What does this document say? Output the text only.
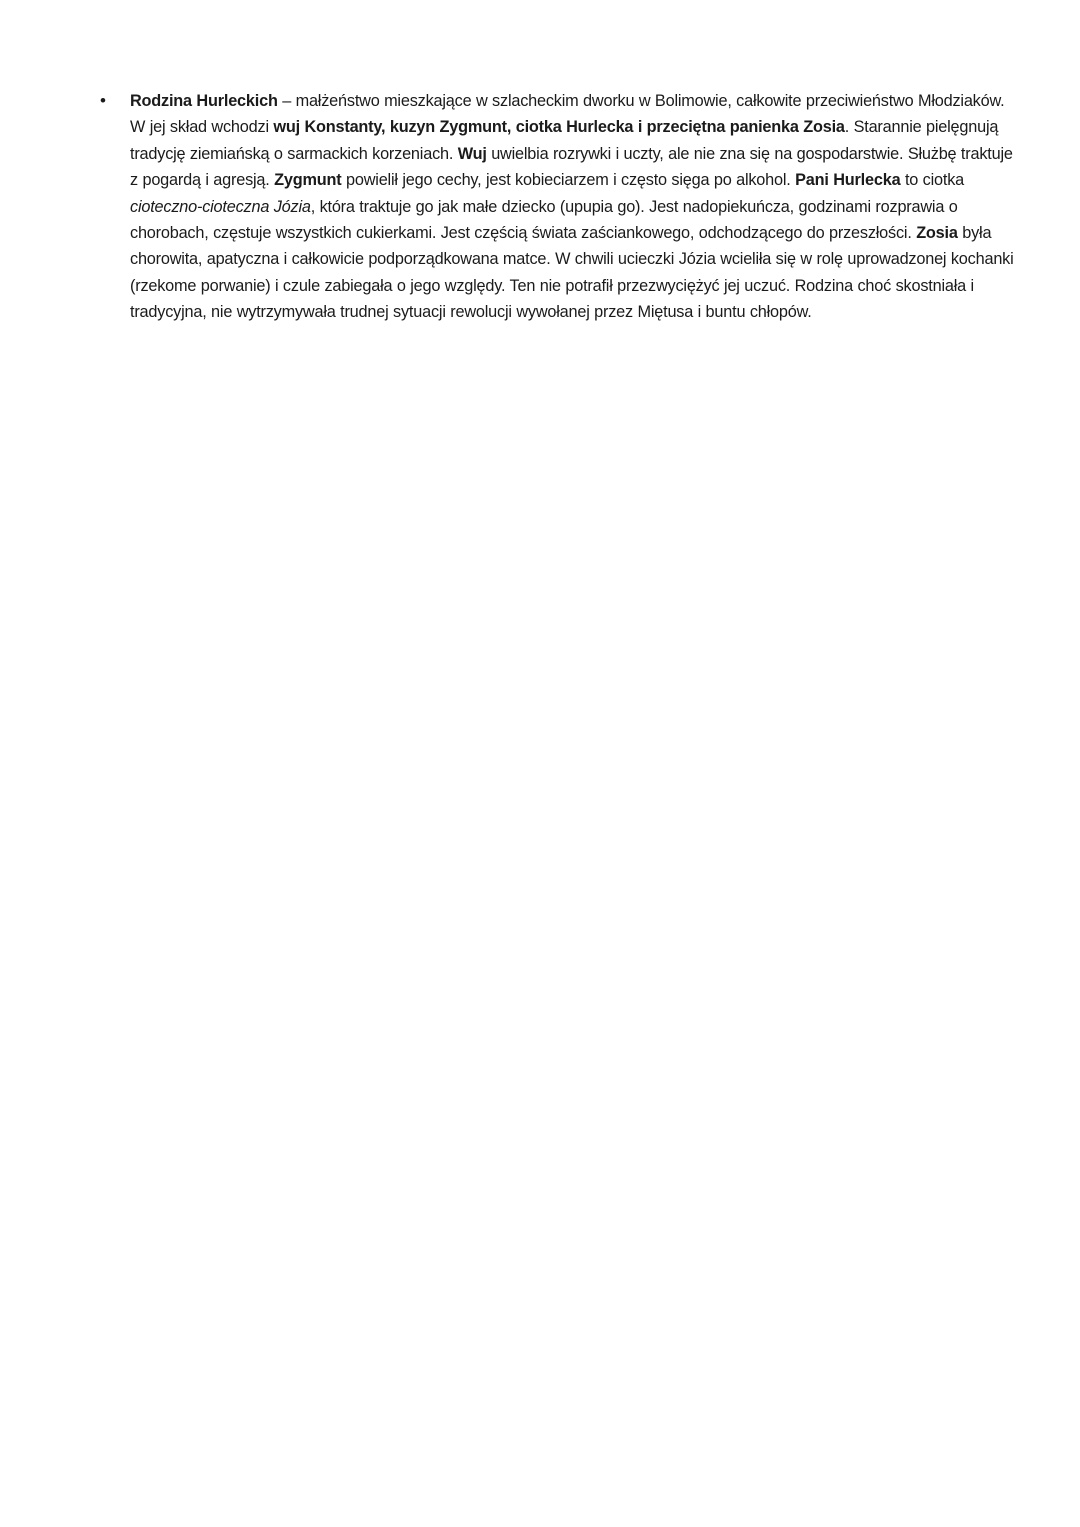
•	Rodzina Hurleckich – małżeństwo mieszkające w szlacheckim dworku w Bolimowie, całkowite przeciwieństwo Młodziaków. W jej skład wchodzi wuj Konstanty, kuzyn Zygmunt, ciotka Hurlecka i przeciętna panienka Zosia. Starannie pielęgnują tradycję ziemiańską o sarmackich korzeniach. Wuj uwielbia rozrywki i uczty, ale nie zna się na gospodarstwie. Służbę traktuje z pogardą i agresją. Zygmunt powielił jego cechy, jest kobieciarzem i często sięga po alkohol. Pani Hurlecka to ciotka cioteczno-cioteczna Józia, która traktuje go jak małe dziecko (upupia go). Jest nadopiekuńcza, godzinami rozprawia o chorobach, częstuje wszystkich cukierkami. Jest częścią świata zaściankowego, odchodzącego do przeszłości. Zosia była chorowita, apatyczna i całkowicie podporządkowana matce. W chwili ucieczki Józia wcieliła się w rolę uprowadzonej kochanki (rzekome porwanie) i czule zabiegała o jego względy. Ten nie potrafił przezwyciężyć jej uczuć. Rodzina choć skostniała i tradycyjna, nie wytrzymywała trudnej sytuacji rewolucji wywołanej przez Miętusa i buntu chłopów.
